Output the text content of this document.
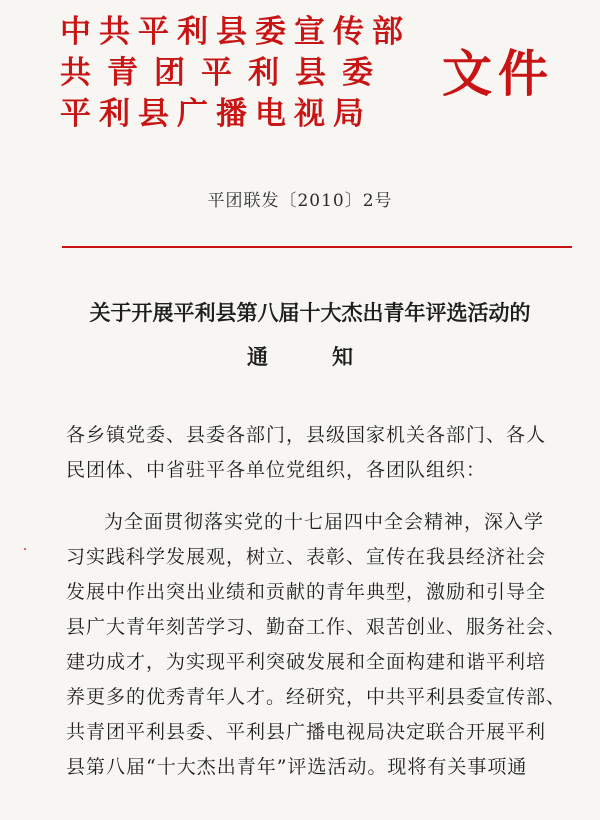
中共平利县委宣传部
共青团平利县委
平利县广播电视局
文件
平团联发〔2010〕2号
关于开展平利县第八届十大杰出青年评选活动的
通知
各乡镇党委、县委各部门，县级国家机关各部门、各人
民团体、中省驻平各单位党组织，各团队组织：
为全面贯彻落实党的十七届四中全会精神，深入学
习实践科学发展观，树立、表彰、宣传在我县经济社会
发展中作出突出业绩和贡献的青年典型，激励和引导全
县广大青年刻苦学习、勤奋工作、艰苦创业、服务社会、
建功成才，为实现平利突破发展和全面构建和谐平利培
养更多的优秀青年人才。经研究，中共平利县委宣传部、
共青团平利县委、平利县广播电视局决定联合开展平利
县第八届“十大杰出青年”评选活动。现将有关事项通
